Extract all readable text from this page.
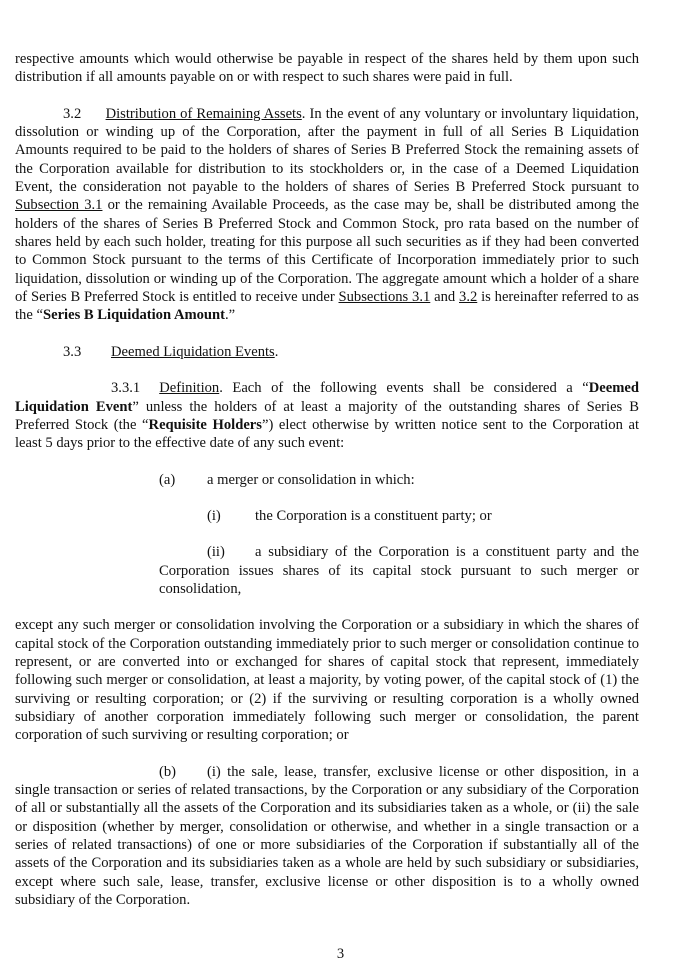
respective amounts which would otherwise be payable in respect of the shares held by them upon such distribution if all amounts payable on or with respect to such shares were paid in full.

3.2 Distribution of Remaining Assets. In the event of any voluntary or involuntary liquidation, dissolution or winding up of the Corporation, after the payment in full of all Series B Liquidation Amounts required to be paid to the holders of shares of Series B Preferred Stock the remaining assets of the Corporation available for distribution to its stockholders or, in the case of a Deemed Liquidation Event, the consideration not payable to the holders of shares of Series B Preferred Stock pursuant to Subsection 3.1 or the remaining Available Proceeds, as the case may be, shall be distributed among the holders of the shares of Series B Preferred Stock and Common Stock, pro rata based on the number of shares held by each such holder, treating for this purpose all such securities as if they had been converted to Common Stock pursuant to the terms of this Certificate of Incorporation immediately prior to such liquidation, dissolution or winding up of the Corporation. The aggregate amount which a holder of a share of Series B Preferred Stock is entitled to receive under Subsections 3.1 and 3.2 is hereinafter referred to as the “Series B Liquidation Amount.”

3.3 Deemed Liquidation Events.

3.3.1 Definition. Each of the following events shall be considered a “Deemed Liquidation Event” unless the holders of at least a majority of the outstanding shares of Series B Preferred Stock (the “Requisite Holders”) elect otherwise by written notice sent to the Corporation at least 5 days prior to the effective date of any such event:

(a) a merger or consolidation in which:

(i) the Corporation is a constituent party; or

(ii) a subsidiary of the Corporation is a constituent party and the Corporation issues shares of its capital stock pursuant to such merger or consolidation,

except any such merger or consolidation involving the Corporation or a subsidiary in which the shares of capital stock of the Corporation outstanding immediately prior to such merger or consolidation continue to represent, or are converted into or exchanged for shares of capital stock that represent, immediately following such merger or consolidation, at least a majority, by voting power, of the capital stock of (1) the surviving or resulting corporation; or (2) if the surviving or resulting corporation is a wholly owned subsidiary of another corporation immediately following such merger or consolidation, the parent corporation of such surviving or resulting corporation; or

(b) (i) the sale, lease, transfer, exclusive license or other disposition, in a single transaction or series of related transactions, by the Corporation or any subsidiary of the Corporation of all or substantially all the assets of the Corporation and its subsidiaries taken as a whole, or (ii) the sale or disposition (whether by merger, consolidation or otherwise, and whether in a single transaction or a series of related transactions) of one or more subsidiaries of the Corporation if substantially all of the assets of the Corporation and its subsidiaries taken as a whole are held by such subsidiary or subsidiaries, except where such sale, lease, transfer, exclusive license or other disposition is to a wholly owned subsidiary of the Corporation.

3
